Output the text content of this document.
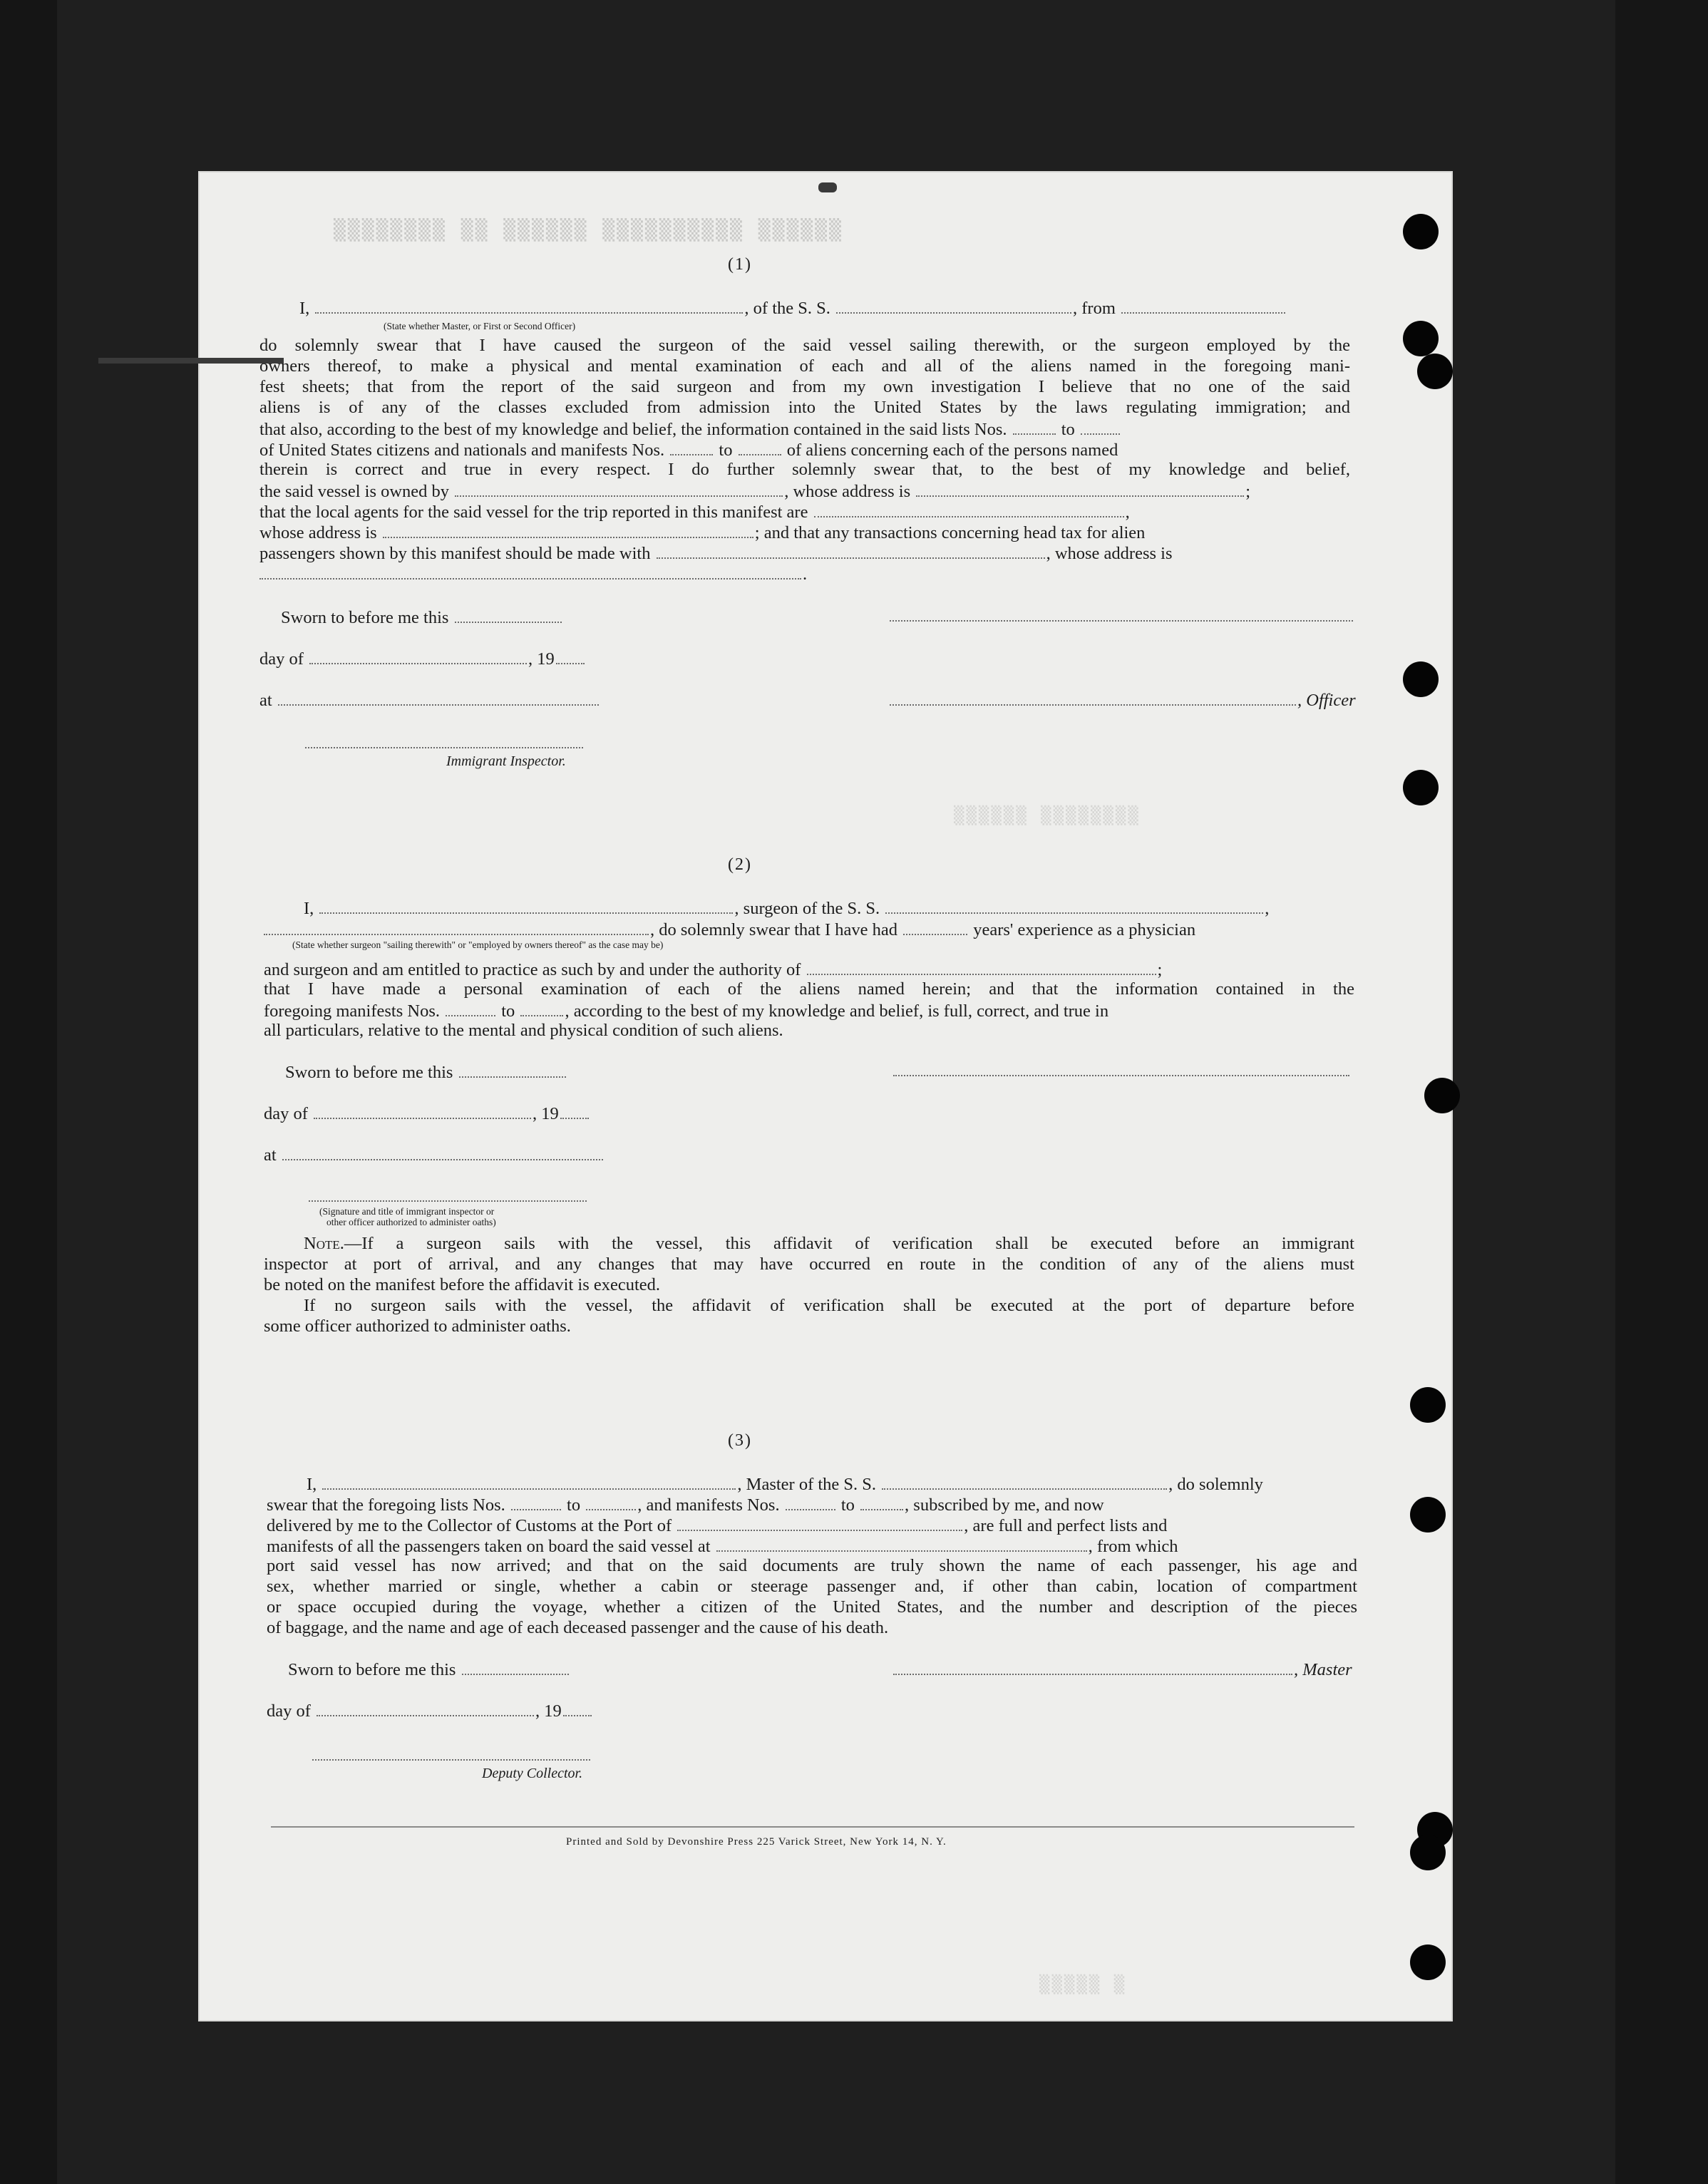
▒▒▒▒▒▒▒▒ ▒▒ ▒▒▒▒▒▒ ▒▒▒▒▒▒▒▒▒▒ ▒▒▒▒▒▒
▒▒▒▒▒▒ ▒▒▒▒▒▒▒▒
▒▒▒▒▒ ▒
(1)
I,	, of the S. S.	, from
(State whether Master, or First or Second Officer)
do solemnly swear that I have caused the surgeon of the said vessel sailing therewith, or the surgeon employed by the
owners thereof, to make a physical and mental examination of each and all of the aliens named in the foregoing mani-
fest sheets; that from the report of the said surgeon and from my own investigation I believe that no one of the said
aliens is of any of the classes excluded from admission into the United States by the laws regulating immigration; and
that also, according to the best of my knowledge and belief, the information contained in the said lists Nos.	to
of United States citizens and nationals and manifests Nos.	to	of aliens concerning each of the persons named
therein is correct and true in every respect. I do further solemnly swear that, to the best of my knowledge and belief,
the said vessel is owned by	, whose address is	;
that the local agents for the said vessel for the trip reported in this manifest are	,
whose address is	; and that any transactions concerning head tax for alien
passengers shown by this manifest should be made with	, whose address is
.
Sworn to before me this
day of	, 19
at	, Officer
Immigrant Inspector.
(2)
I,	, surgeon of the S. S.	,
, do solemnly swear that I have had	years' experience as a physician
(State whether surgeon "sailing therewith" or "employed by owners thereof" as the case may be)
and surgeon and am entitled to practice as such by and under the authority of	;
that I have made a personal examination of each of the aliens named herein; and that the information contained in the
foregoing manifests Nos.	to	, according to the best of my knowledge and belief, is full, correct, and true in
all particulars, relative to the mental and physical condition of such aliens.
Sworn to before me this
day of	, 19
at
(Signature and title of immigrant inspector or
other officer authorized to administer oaths)
Note.—If a surgeon sails with the vessel, this affidavit of verification shall be executed before an immigrant
inspector at port of arrival, and any changes that may have occurred en route in the condition of any of the aliens must
be noted on the manifest before the affidavit is executed.
If no surgeon sails with the vessel, the affidavit of verification shall be executed at the port of departure before
some officer authorized to administer oaths.
(3)
I,	, Master of the S. S.	, do solemnly
swear that the foregoing lists Nos.	to	, and manifests Nos.	to	, subscribed by me, and now
delivered by me to the Collector of Customs at the Port of	, are full and perfect lists and
manifests of all the passengers taken on board the said vessel at	, from which
port said vessel has now arrived; and that on the said documents are truly shown the name of each passenger, his age and
sex, whether married or single, whether a cabin or steerage passenger and, if other than cabin, location of compartment
or space occupied during the voyage, whether a citizen of the United States, and the number and description of the pieces
of baggage, and the name and age of each deceased passenger and the cause of his death.
Sworn to before me this	, Master
day of	, 19
Deputy Collector.
Printed and Sold by Devonshire Press 225 Varick Street, New York 14, N. Y.
